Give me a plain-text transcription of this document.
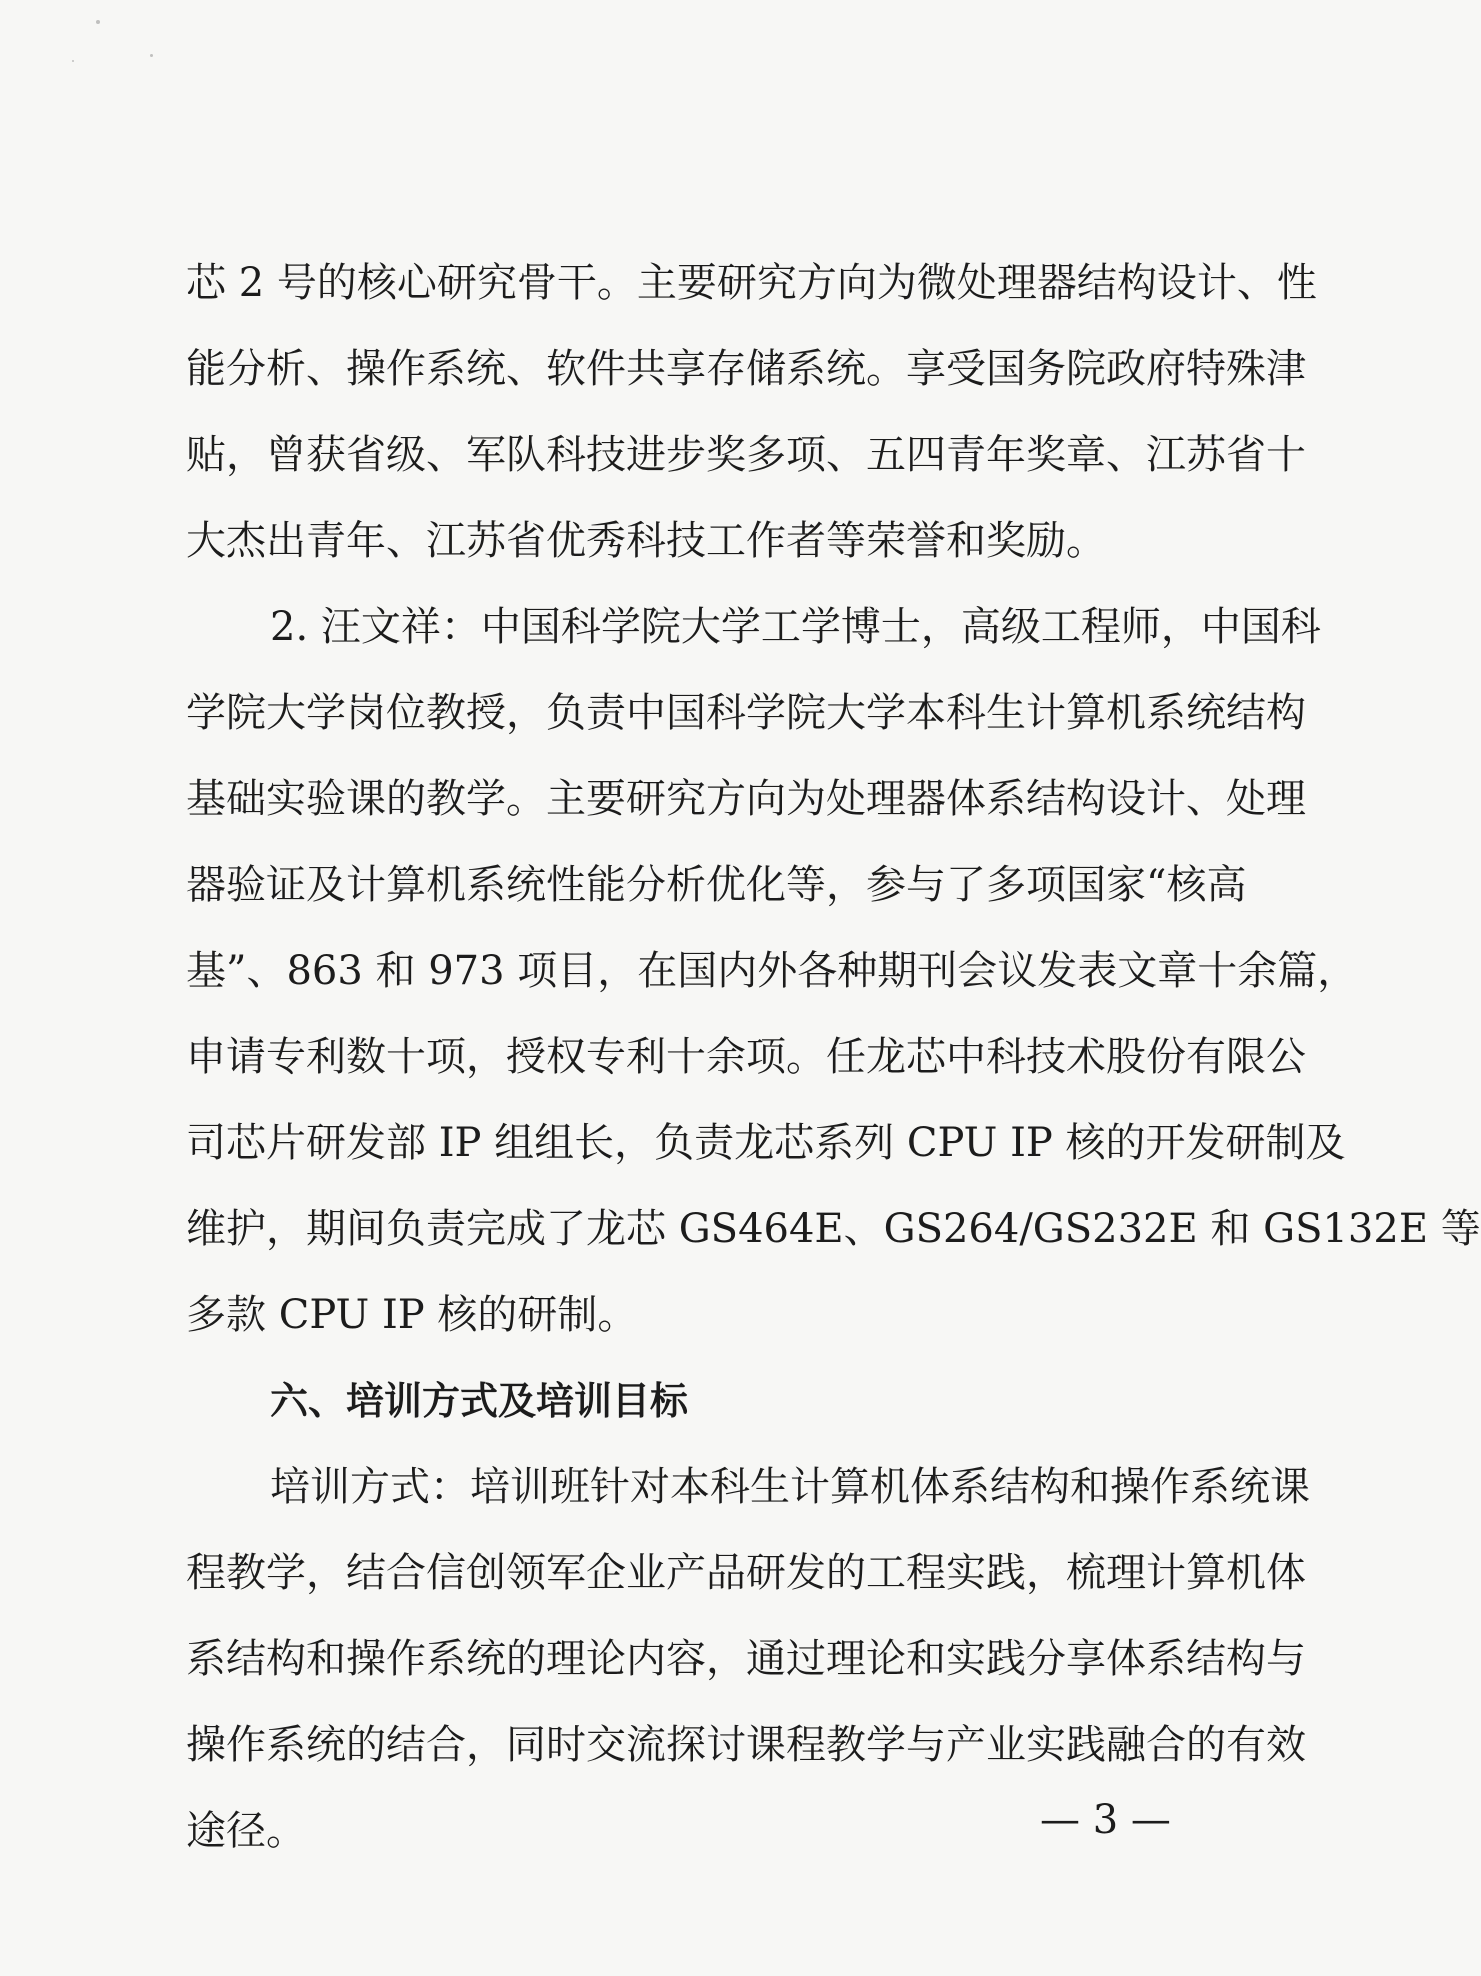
芯 2 号的核心研究骨干。主要研究方向为微处理器结构设计、性
能分析、操作系统、软件共享存储系统。享受国务院政府特殊津
贴，曾获省级、军队科技进步奖多项、五四青年奖章、江苏省十
大杰出青年、江苏省优秀科技工作者等荣誉和奖励。
2. 汪文祥：中国科学院大学工学博士，高级工程师，中国科
学院大学岗位教授，负责中国科学院大学本科生计算机系统结构
基础实验课的教学。主要研究方向为处理器体系结构设计、处理
器验证及计算机系统性能分析优化等，参与了多项国家“核高
基”、863 和 973 项目，在国内外各种期刊会议发表文章十余篇，
申请专利数十项，授权专利十余项。任龙芯中科技术股份有限公
司芯片研发部 IP 组组长，负责龙芯系列 CPU IP 核的开发研制及
维护，期间负责完成了龙芯 GS464E、GS264/GS232E 和 GS132E 等
多款 CPU IP 核的研制。
六、培训方式及培训目标
培训方式：培训班针对本科生计算机体系结构和操作系统课
程教学，结合信创领军企业产品研发的工程实践，梳理计算机体
系结构和操作系统的理论内容，通过理论和实践分享体系结构与
操作系统的结合，同时交流探讨课程教学与产业实践融合的有效
途径。	— 3 —
